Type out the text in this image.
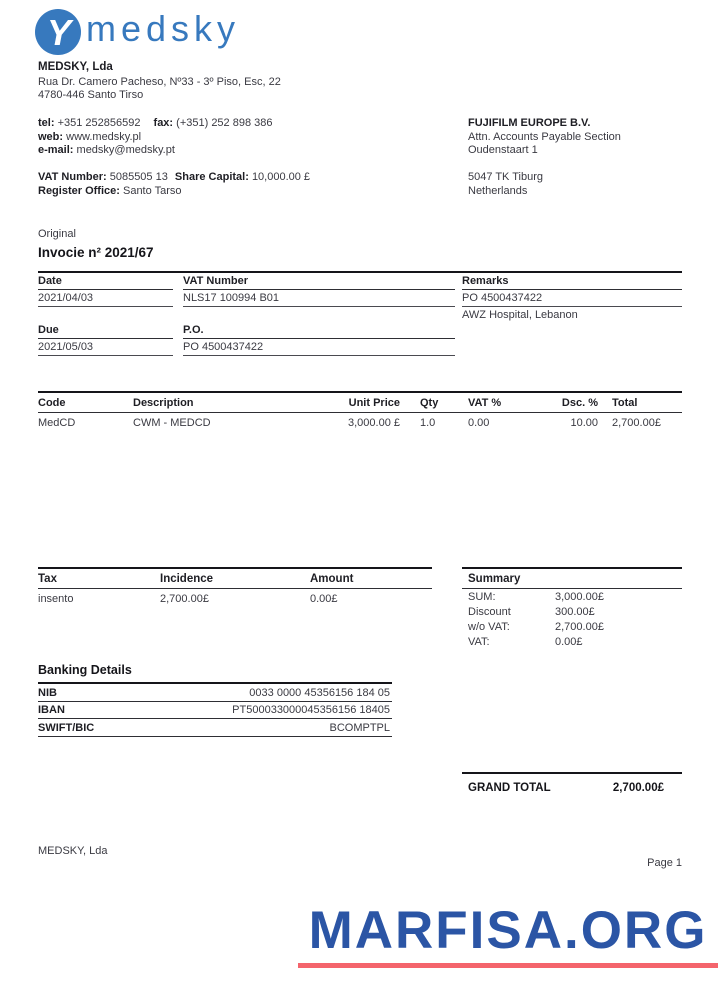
Y medsky
MEDSKY, Lda
Rua Dr. Camero Pacheso, Nº33 - 3º Piso, Esc, 22
4780-446 Santo Tirso
tel: +351 252856592 fax: (+351) 252 898 386
web: www.medsky.pl
e-mail: medsky@medsky.pt
FUJIFILM EUROPE B.V.
Attn. Accounts Payable Section
Oudenstaart 1
VAT Number: 5085505 13 Share Capital: 10,000.00 £
Register Office: Santo Tarso
5047 TK Tiburg
Netherlands
Original
Invocie n² 2021/67
Date
2021/04/03
VAT Number
NLS17 100994 B01
Remarks
PO 4500437422
AWZ Hospital, Lebanon
Due
2021/05/03
P.O.
PO 4500437422
Code	Description	Unit Price Qty	VAT %	Dsc. % Total
MedCD	CWM - MEDCD	3,000.00 £ 1.0	0.00	10.00 2,700.00£
Tax	Incidence	Amount
insento	2,700.00£	0.00£
Summary
SUM:	3,000.00£
Discount	300.00£
w/o VAT:	2,700.00£
VAT:	0.00£
Banking Details
NIB	0033 0000 45356156 184 05
IBAN	PT500033000045356156 18405
SWIFT/BIC	BCOMPTPL
GRAND TOTAL	2,700.00£
MEDSKY, Lda
Page 1
MARFISA.ORG
